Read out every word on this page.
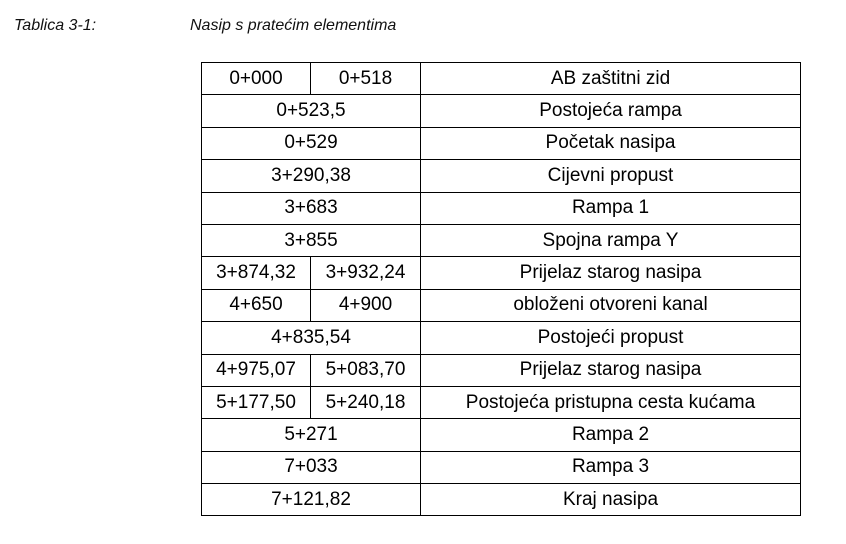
Tablica 3-1:	Nasip s pratećim elementima
0+000	0+518	AB zaštitni zid
0+523,5		Postojeća rampa
0+529		Početak nasipa
3+290,38		Cijevni propust
3+683		Rampa 1
3+855		Spojna rampa Y
3+874,32	3+932,24	Prijelaz starog nasipa
4+650	4+900	obloženi otvoreni kanal
4+835,54		Postojeći propust
4+975,07	5+083,70	Prijelaz starog nasipa
5+177,50	5+240,18	Postojeća pristupna cesta kućama
5+271		Rampa 2
7+033		Rampa 3
7+121,82		Kraj nasipa
